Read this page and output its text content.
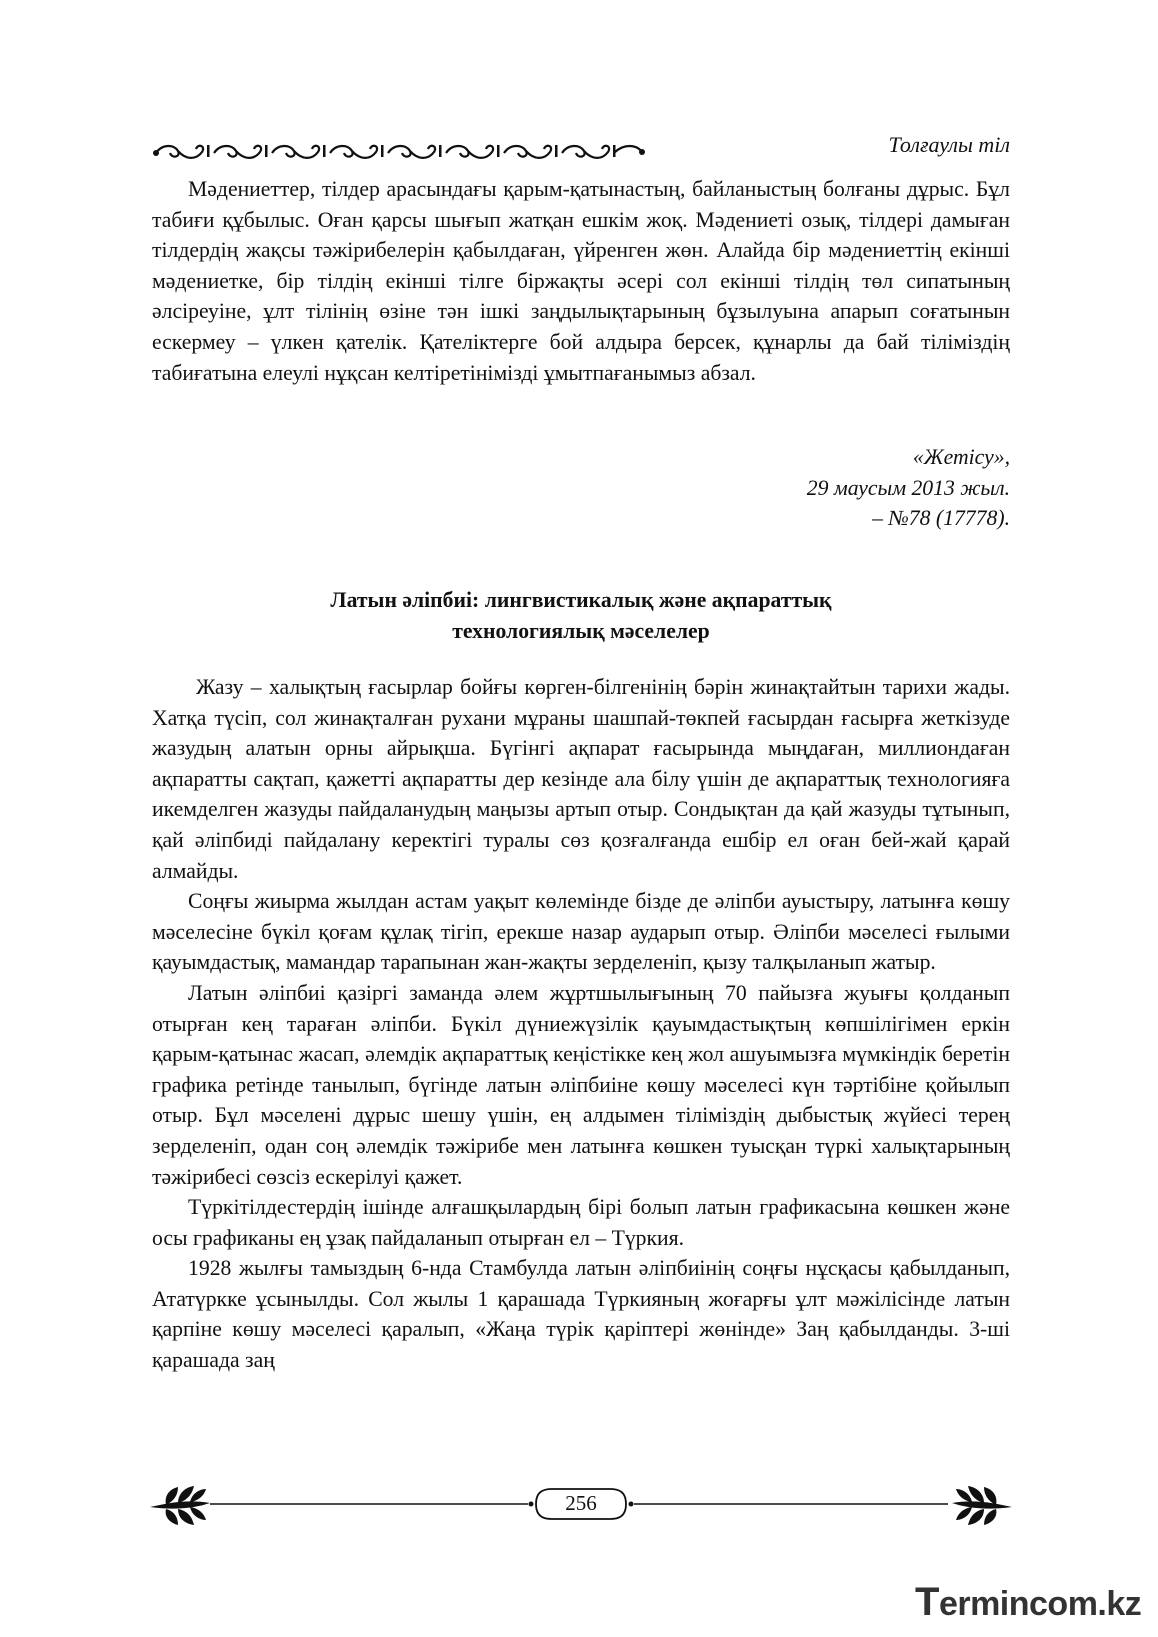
Толғаулы тіл

Мәдениеттер, тілдер арасындағы қарым-қатынастың, байланыстың болғаны дұрыс. Бұл табиғи құбылыс. Оған қарсы шығып жатқан ешкім жоқ. Мәдениеті озық, тілдері дамыған тілдердің жақсы тәжірибелерін қабылдаған, үйренген жөн. Алайда бір мәдениеттің екінші мәдениетке, бір тілдің екінші тілге біржақты әсері сол екінші тілдің төл сипатының әлсіреуіне, ұлт тілінің өзіне тән ішкі заңдылықтарының бұзылуына апарып соғатынын ескермеу – үлкен қателік. Қателіктерге бой алдыра берсек, құнарлы да бай тіліміздің табиғатына елеулі нұқсан келтіретінімізді ұмытпағанымыз абзал.

«Жетісу»,
29 маусым 2013 жыл.
– №78 (17778).
Латын әліпбиі: лингвистикалық және ақпараттық
технологиялық мәселелер

Жазу – халықтың ғасырлар бойғы көрген-білгенінің бәрін жинақтайтын тарихи жады. Хатқа түсіп, сол жинақталған рухани мұраны шашпай-төкпей ғасырдан ғасырға жеткізуде жазудың алатын орны айрықша. Бүгінгі ақпарат ғасырында мыңдаған, миллиондаған ақпаратты сақтап, қажетті ақпаратты дер кезінде ала білу үшін де ақпараттық технологияға икемделген жазуды пайдаланудың маңызы артып отыр. Сондықтан да қай жазуды тұтынып, қай әліпбиді пайдалану керектігі туралы сөз қозғалғанда ешбір ел оған бей-жай қарай алмайды.

Соңғы жиырма жылдан астам уақыт көлемінде бізде де әліпби ауыстыру, латынға көшу мәселесіне бүкіл қоғам құлақ тігіп, ерекше назар аударып отыр. Әліпби мәселесі ғылыми қауымдастық, мамандар тарапынан жан-жақты зерделеніп, қызу талқыланып жатыр.

Латын әліпбиі қазіргі заманда әлем жұртшылығының 70 пайызға жуығы қолданып отырған кең тараған әліпби. Бүкіл дүниежүзілік қауымдастықтың көпшілігімен еркін қарым-қатынас жасап, әлемдік ақпараттық кеңістікке кең жол ашуымызға мүмкіндік беретін графика ретінде танылып, бүгінде латын әліпбиіне көшу мәселесі күн тәртібіне қойылып отыр. Бұл мәселені дұрыс шешу үшін, ең алдымен тіліміздің дыбыстық жүйесі терең зерделеніп, одан соң әлемдік тәжірибе мен латынға көшкен туысқан түркі халықтарының тәжірибесі сөзсіз ескерілуі қажет.

Түркітілдестердің ішінде алғашқылардың бірі болып латын графикасына көшкен және осы графиканы ең ұзақ пайдаланып отырған ел – Түркия.

1928 жылғы тамыздың 6-нда Стамбулда латын әліпбиінің соңғы нұсқасы қабылданып, Ататүркке ұсынылды. Сол жылы 1 қарашада Түркияның жоғарғы ұлт мәжілісінде латын қарпіне көшу мәселесі қаралып, «Жаңа түрік қаріптері жөнінде» Заң қабылданды. 3-ші қарашада заң

256
Termincom.kz
